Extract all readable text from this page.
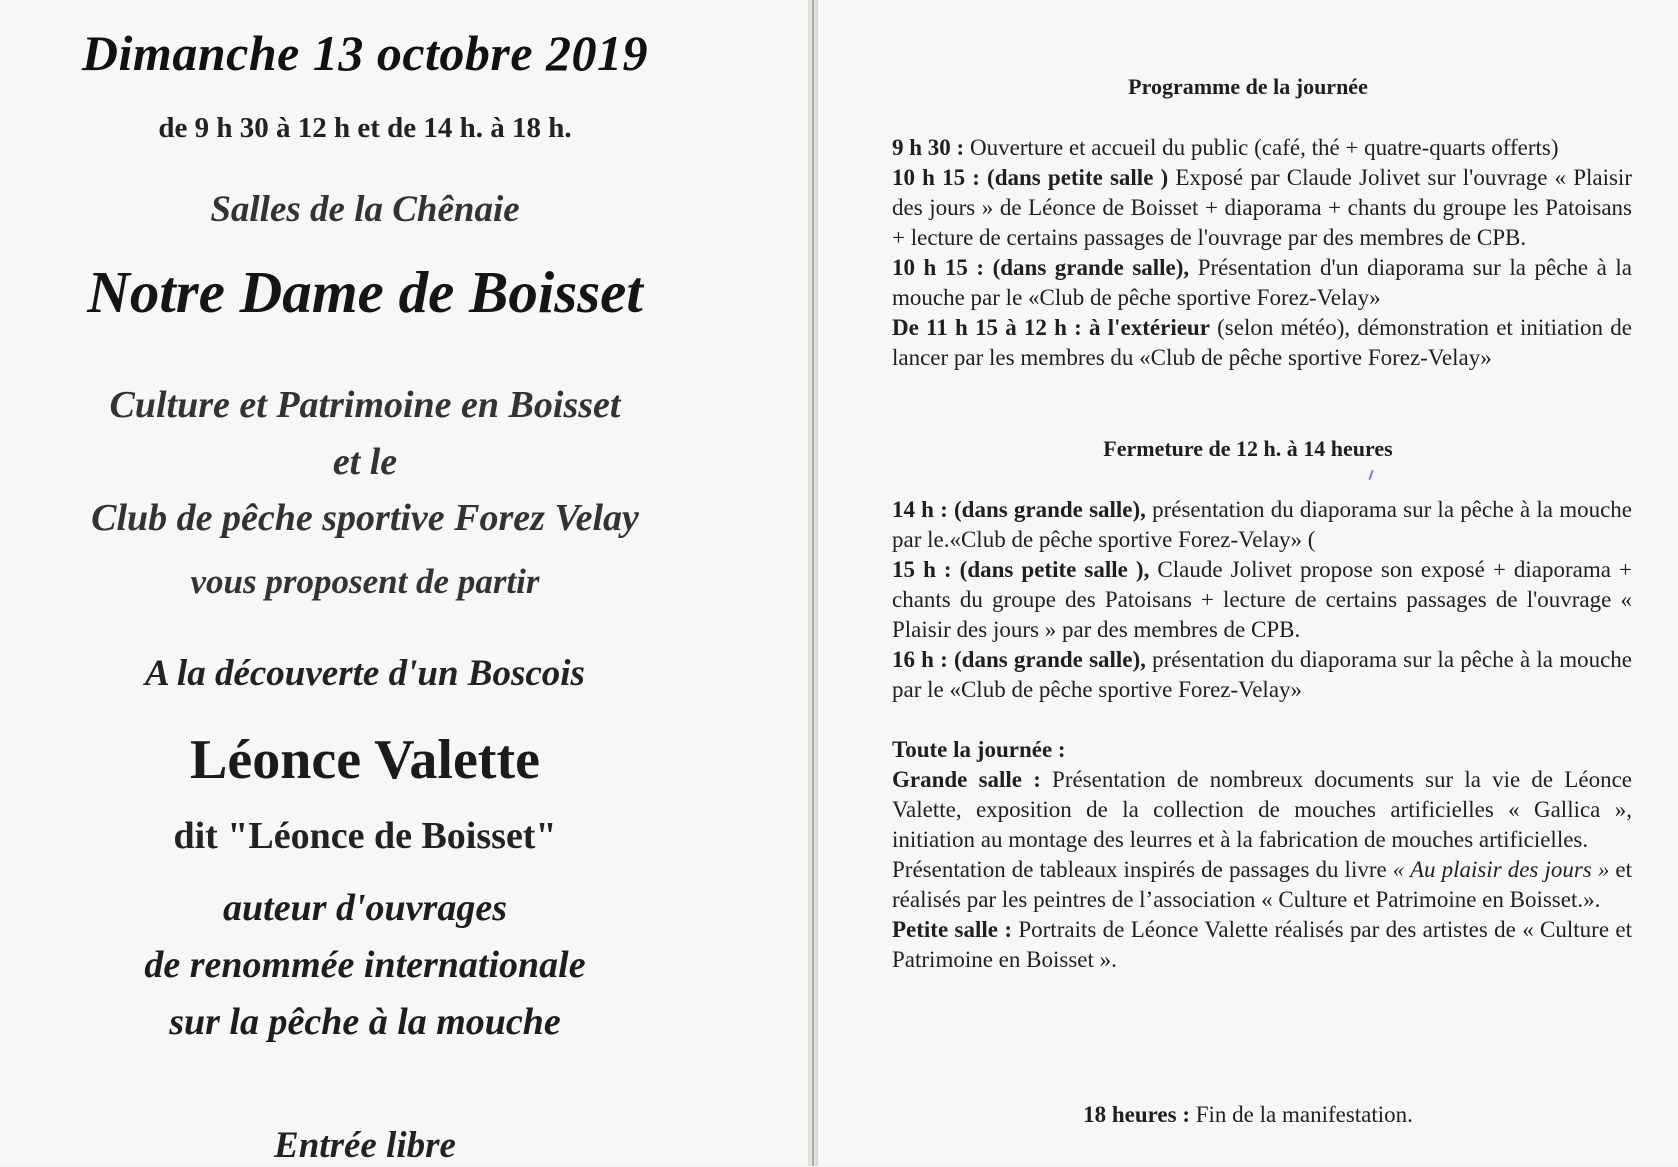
Dimanche 13 octobre 2019
de 9 h 30 à 12 h et de 14 h. à 18 h.
Salles de la Chênaie
Notre Dame de Boisset
Culture et Patrimoine en Boisset
et le
Club de pêche sportive Forez Velay
vous proposent de partir
A la découverte d'un Boscois
Léonce Valette
dit "Léonce de Boisset"
auteur d'ouvrages
de renommée internationale
sur la pêche à la mouche
Entrée libre
Programme de la journée

9 h 30 : Ouverture et accueil du public (café, thé + quatre-quarts offerts)

10 h 15 : (dans petite salle ) Exposé par Claude Jolivet sur l'ouvrage « Plaisir des jours » de Léonce de Boisset + diaporama + chants du groupe les Patoisans + lecture de certains passages de l'ouvrage par des membres de CPB.

10 h 15 : (dans grande salle), Présentation d'un diaporama sur la pêche à la mouche par le «Club de pêche sportive Forez-Velay»

De 11 h 15 à 12 h : à l'extérieur (selon météo), démonstration et initiation de lancer par les membres du «Club de pêche sportive Forez-Velay»

Fermeture de 12 h. à 14 heures

14 h : (dans grande salle), présentation du diaporama sur la pêche à la mouche par le.«Club de pêche sportive Forez-Velay» (

15 h : (dans petite salle ), Claude Jolivet propose son exposé + diaporama + chants du groupe des Patoisans + lecture de certains passages de l'ouvrage « Plaisir des jours » par des membres de CPB.

16 h : (dans grande salle), présentation du diaporama sur la pêche à la mouche par le «Club de pêche sportive Forez-Velay»

Toute la journée :

Grande salle : Présentation de nombreux documents sur la vie de Léonce Valette, exposition de la collection de mouches artificielles « Gallica », initiation au montage des leurres et à la fabrication de mouches artificielles.

Présentation de tableaux inspirés de passages du livre « Au plaisir des jours » et réalisés par les peintres de l’association « Culture et Patrimoine en Boisset.».

Petite salle : Portraits de Léonce Valette réalisés par des artistes de « Culture et Patrimoine en Boisset ».

18 heures : Fin de la manifestation.
